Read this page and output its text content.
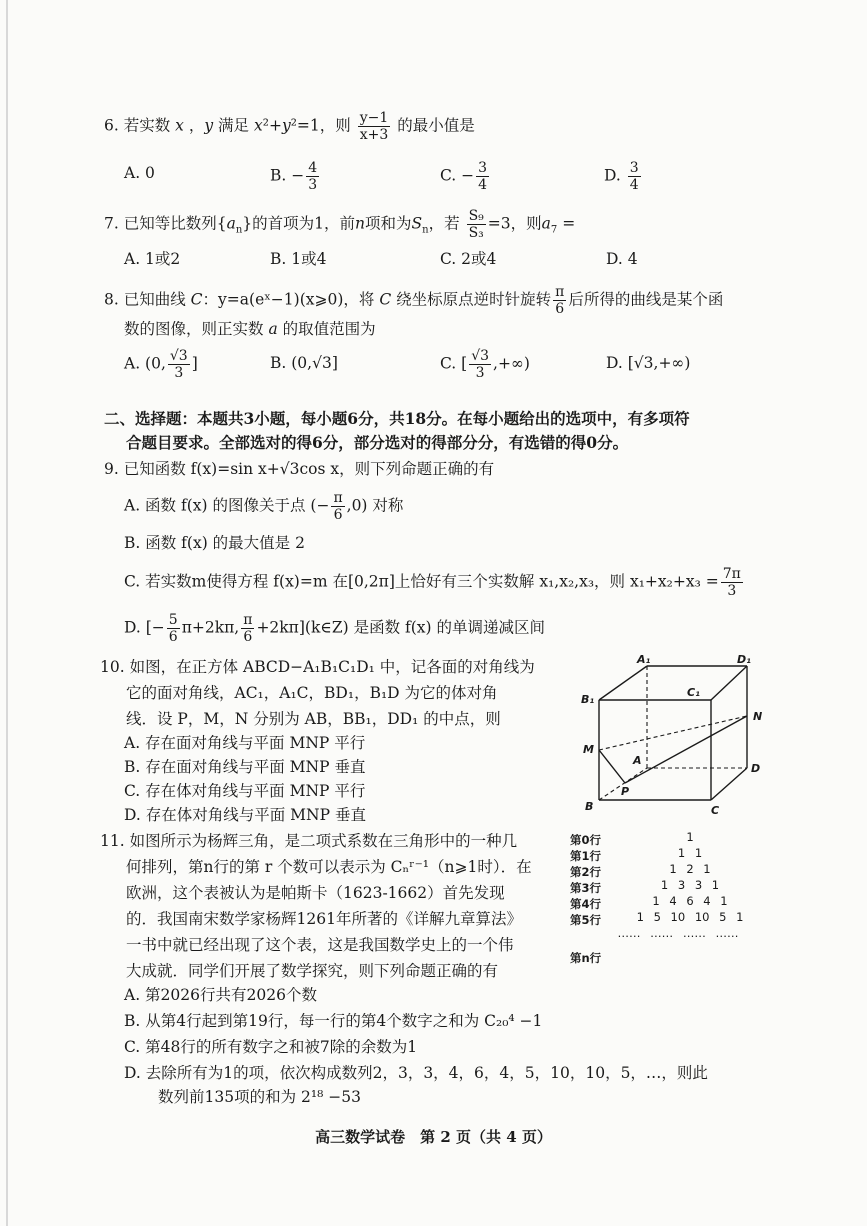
6. 若实数 x ，y 满足 x²+y²=1，则 $\frac{y-1}{x+3}$ 的最小值是
A. 0	B. − $\frac{4}{3}$	C. − $\frac{3}{4}$	D. $\frac{3}{4}$
7. 已知等比数列$\{a_n\}$的首项为1，前n项和为$S_n$，若 $\frac{\text{S₉}}{\text{S₃}} =3$，则$a_7$ =
A. 1或2	B. 1或4	C. 2或4	D. 4
8. 已知曲线 C：y=a(eˣ−1)(x⩾0)，将 C 绕坐标原点逆时针旋转 $\frac{\pi}{6}$ 后所得的曲线是某个函
数的图像，则正实数 a 的取值范围为
A. (0, $\frac{√3}{3}$ ]	B. (0,√3]	C. [ $\frac{√3}{3}$ ,+∞)	D. [√3,+∞)
二、选择题：本题共3小题，每小题6分，共18分。在每小题给出的选项中，有多项符
合题目要求。全部选对的得6分，部分选对的得部分分，有选错的得0分。
9. 已知函数 f(x)=sin x+√3cos x，则下列命题正确的有
A. 函数 f(x) 的图像关于点 (− $\frac{\pi}{6} ,0$) 对称
B. 函数 f(x) 的最大值是 2
C. 若实数m使得方程 f(x)=m 在[0,2π]上恰好有三个实数解 x₁,x₂,x₃，则 $x_1+x_2+x_3 = \frac{7\pi}{3}$
D. [− $\frac{5}{6} \pi+2k\pi$, $\frac{\pi}{6}$ +2kπ](k∈Z) 是函数 f(x) 的单调递减区间
10. 如图，在正方体 ABCD−A₁B₁C₁D₁ 中，记各面的对角线为
它的面对角线，AC₁，A₁C，BD₁，B₁D 为它的体对角
线．设 P，M，N 分别为 AB，BB₁，DD₁ 的中点，则
A. 存在面对角线与平面 MNP 平行
B. 存在面对角线与平面 MNP 垂直
C. 存在体对角线与平面 MNP 平行
D. 存在体对角线与平面 MNP 垂直
A₁	D₁
B₁
C₁
N
M
A
D
P
B	C
11. 如图所示为杨辉三角，是二项式系数在三角形中的一种几
何排列，第n行的第 r 个数可以表示为 Cₙʳ⁻¹（n⩾1时）．在
欧洲，这个表被认为是帕斯卡（1623-1662）首先发现
的．我国南宋数学家杨辉1261年所著的《详解九章算法》
一书中就已经出现了这个表，这是我国数学史上的一个伟
大成就．同学们开展了数学探究，则下列命题正确的有
A. 第2026行共有2026个数
B. 从第4行起到第19行，每一行的第4个数字之和为 C₂₀⁴ −1
C. 第48行的所有数字之和被7除的余数为1
D. 去除所有为1的项，依次构成数列2，3，3，4，6，4，5，10，10，5，…，则此
数列前135项的和为 2¹⁸ −53
第0行	1
第1行	1 1
第2行	1 2 1
第3行	1 3 3 1
第4行	1 4 6 4 1
第5行	1 5 10 10 5 1
…… …… …… ……
第n行
高三数学试卷　第 2 页（共 4 页）
